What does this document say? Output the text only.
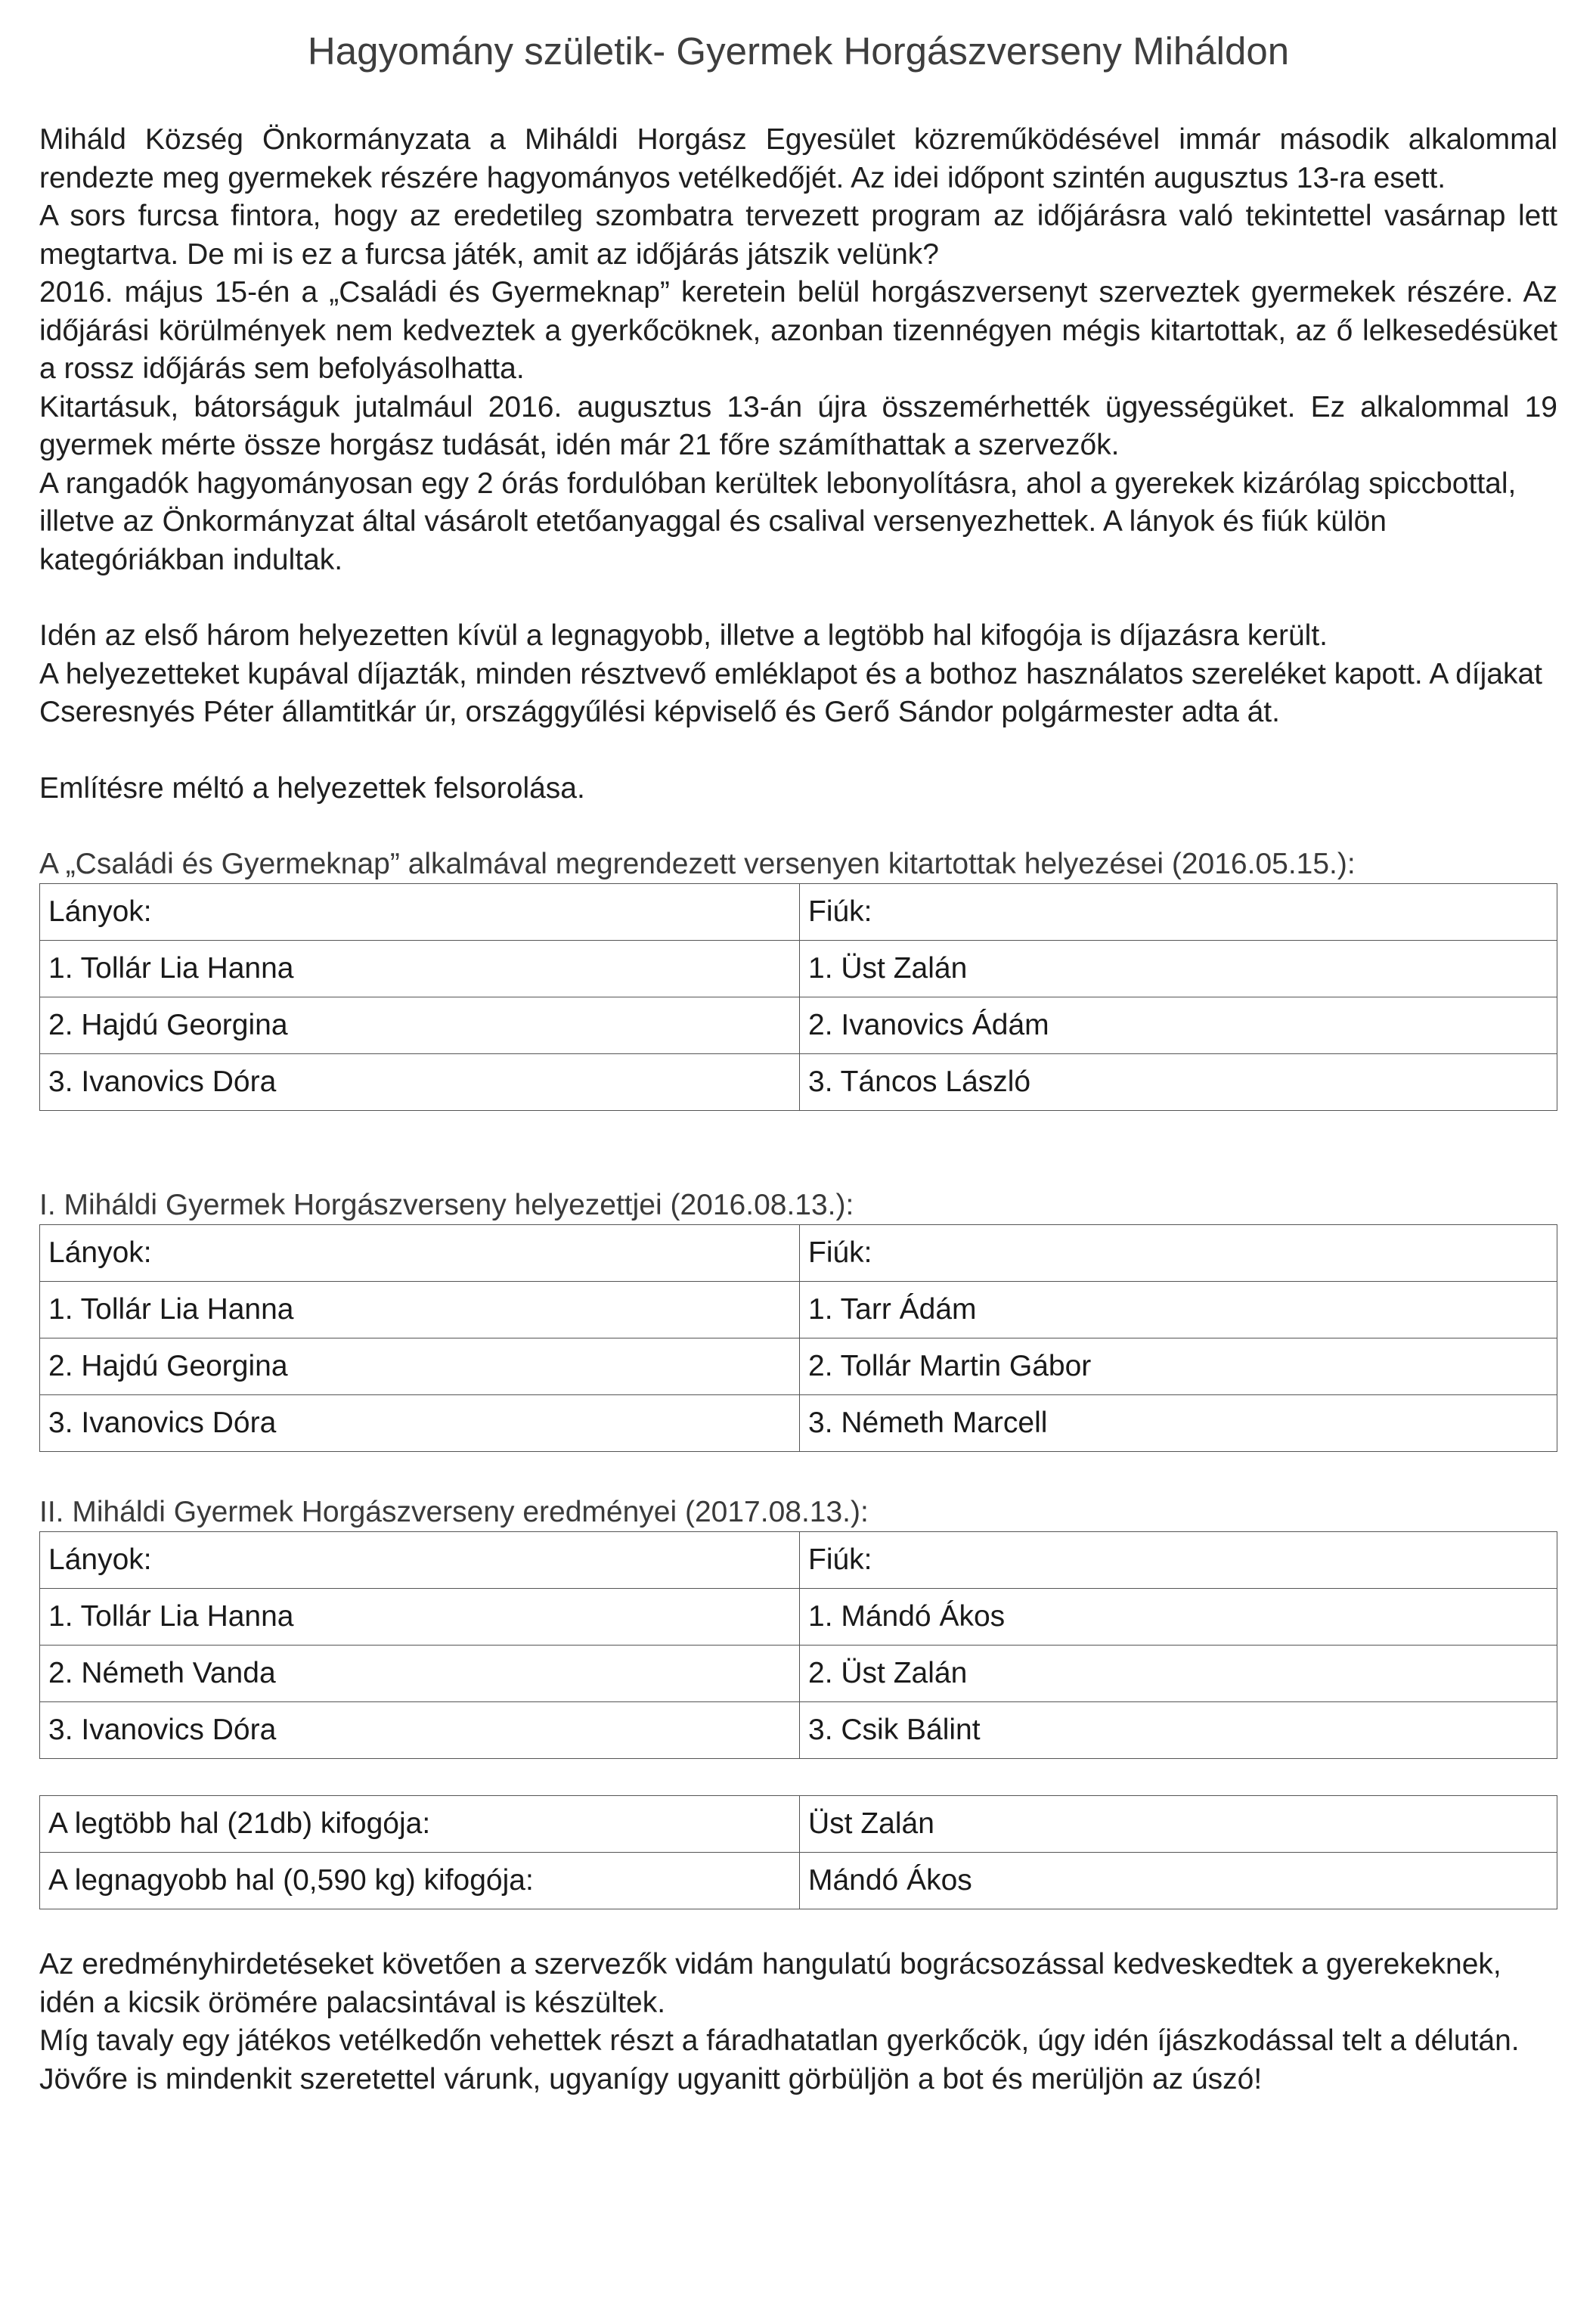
Hagyomány születik- Gyermek Horgászverseny Miháldon

Miháld Község Önkormányzata a Miháldi Horgász Egyesület közreműködésével immár második alkalommal rendezte meg gyermekek részére hagyományos vetélkedőjét. Az idei időpont szintén augusztus 13-ra esett.

A sors furcsa fintora, hogy az eredetileg szombatra tervezett program az időjárásra való tekintettel vasárnap lett megtartva. De mi is ez a furcsa játék, amit az időjárás játszik velünk?

2016. május 15-én a „Családi és Gyermeknap” keretein belül horgászversenyt szerveztek gyermekek részére. Az időjárási körülmények nem kedveztek a gyerkőcöknek, azonban tizennégyen mégis kitartottak, az ő lelkesedésüket a rossz időjárás sem befolyásolhatta.

Kitartásuk, bátorságuk jutalmául 2016. augusztus 13-án újra összemérhették ügyességüket. Ez alkalommal 19 gyermek mérte össze horgász tudását, idén már 21 főre számíthattak a szervezők.

A rangadók hagyományosan egy 2 órás fordulóban kerültek lebonyolításra, ahol a gyerekek kizárólag spiccbottal, illetve az Önkormányzat által vásárolt etetőanyaggal és csalival versenyezhettek. A lányok és fiúk külön kategóriákban indultak.

Idén az első három helyezetten kívül a legnagyobb, illetve a legtöbb hal kifogója is díjazásra került.

A helyezetteket kupával díjazták, minden résztvevő emléklapot és a bothoz használatos szereléket kapott. A díjakat Cseresnyés Péter államtitkár úr, országgyűlési képviselő és Gerő Sándor polgármester adta át.

Említésre méltó a helyezettek felsorolása.

A „Családi és Gyermeknap” alkalmával megrendezett versenyen kitartottak helyezései (2016.05.15.):

Lányok:	Fiúk:
1. Tollár Lia Hanna	1. Üst Zalán
2. Hajdú Georgina	2. Ivanovics Ádám
3. Ivanovics Dóra	3. Táncos László

I. Miháldi Gyermek Horgászverseny helyezettjei (2016.08.13.):

Lányok:	Fiúk:
1. Tollár Lia Hanna	1. Tarr Ádám
2. Hajdú Georgina	2. Tollár Martin Gábor
3. Ivanovics Dóra	3. Németh Marcell

II. Miháldi Gyermek Horgászverseny eredményei (2017.08.13.):

Lányok:	Fiúk:
1. Tollár Lia Hanna	1. Mándó Ákos
2. Németh Vanda	2. Üst Zalán
3. Ivanovics Dóra	3. Csik Bálint
A legtöbb hal (21db) kifogója:	Üst Zalán
A legnagyobb hal (0,590 kg) kifogója:	Mándó Ákos

Az eredményhirdetéseket követően a szervezők vidám hangulatú bográcsozással kedveskedtek a gyerekeknek, idén a kicsik örömére palacsintával is készültek.

Míg tavaly egy játékos vetélkedőn vehettek részt a fáradhatatlan gyerkőcök, úgy idén íjászkodással telt a délután.

Jövőre is mindenkit szeretettel várunk, ugyanígy ugyanitt görbüljön a bot és merüljön az úszó!
